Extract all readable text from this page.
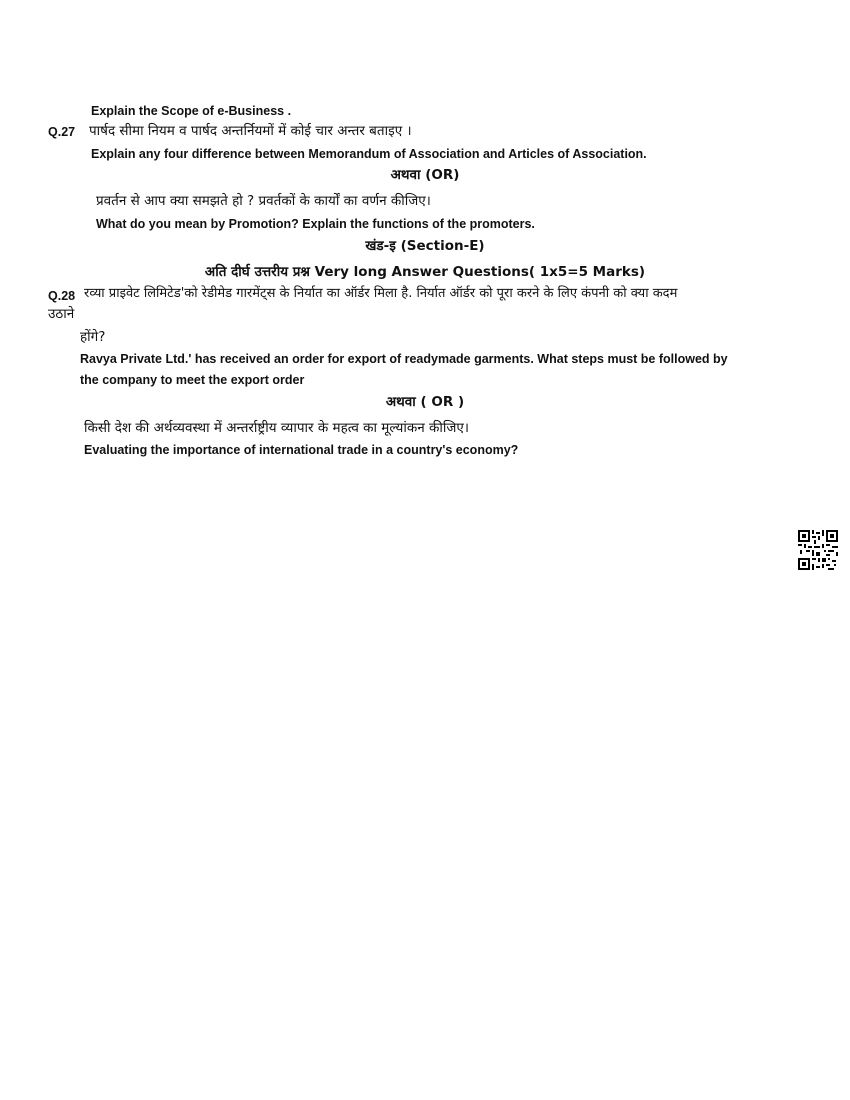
Explain the Scope of e-Business .
Q.27 पार्षद सीमा नियम व पार्षद अन्तर्नियमों में कोई चार अन्तर बताइए ।
Explain any four difference between Memorandum of Association and Articles of Association.
अथवा (OR)
प्रवर्तन से आप क्या समझते हो ? प्रवर्तकों के कार्यों का वर्णन कीजिए।
What do you mean by Promotion? Explain the functions of the promoters.
खंड-इ (Section-E)
अति दीर्घ उत्तरीय प्रश्न Very long Answer Questions( 1x5=5 Marks)
Q.28 रव्या प्राइवेट लिमिटेड'को रेडीमेड गारमेंट्स के निर्यात का ऑर्डर मिला है. निर्यात ऑर्डर को पूरा करने के लिए कंपनी को क्या कदम
उठाने
होंगे?
Ravya Private Ltd.' has received an order for export of readymade garments. What steps must be followed by
the company to meet the export order
अथवा ( OR )
किसी देश की अर्थव्यवस्था में अन्तर्राष्ट्रीय व्यापार के महत्व का मूल्यांकन कीजिए।
Evaluating the importance of international trade in a country's economy?
